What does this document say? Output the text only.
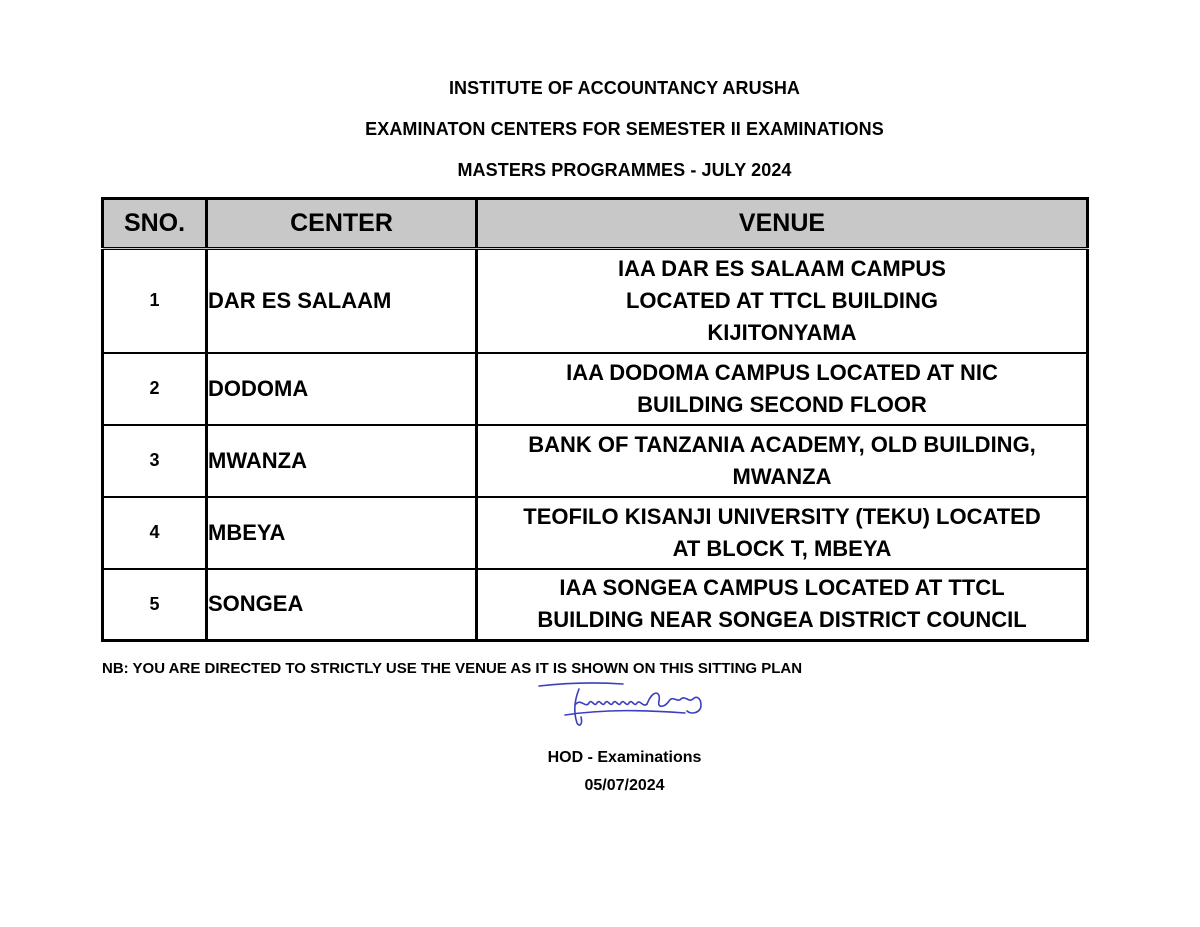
INSTITUTE OF ACCOUNTANCY ARUSHA
EXAMINATON CENTERS FOR SEMESTER II EXAMINATIONS
MASTERS PROGRAMMES - JULY 2024
SNO.	CENTER	VENUE
1	DAR ES SALAAM	IAA DAR ES SALAAM CAMPUS
LOCATED AT TTCL BUILDING
KIJITONYAMA

2	DODOMA	IAA DODOMA CAMPUS LOCATED AT NIC
BUILDING SECOND FLOOR

3	MWANZA	BANK OF TANZANIA ACADEMY, OLD BUILDING,
MWANZA

4	MBEYA	TEOFILO KISANJI UNIVERSITY (TEKU) LOCATED
AT BLOCK T, MBEYA

5	SONGEA	IAA SONGEA CAMPUS LOCATED AT TTCL
BUILDING NEAR SONGEA DISTRICT COUNCIL
NB: YOU ARE DIRECTED TO STRICTLY USE THE VENUE AS IT IS SHOWN ON THIS SITTING PLAN
HOD - Examinations
05/07/2024
